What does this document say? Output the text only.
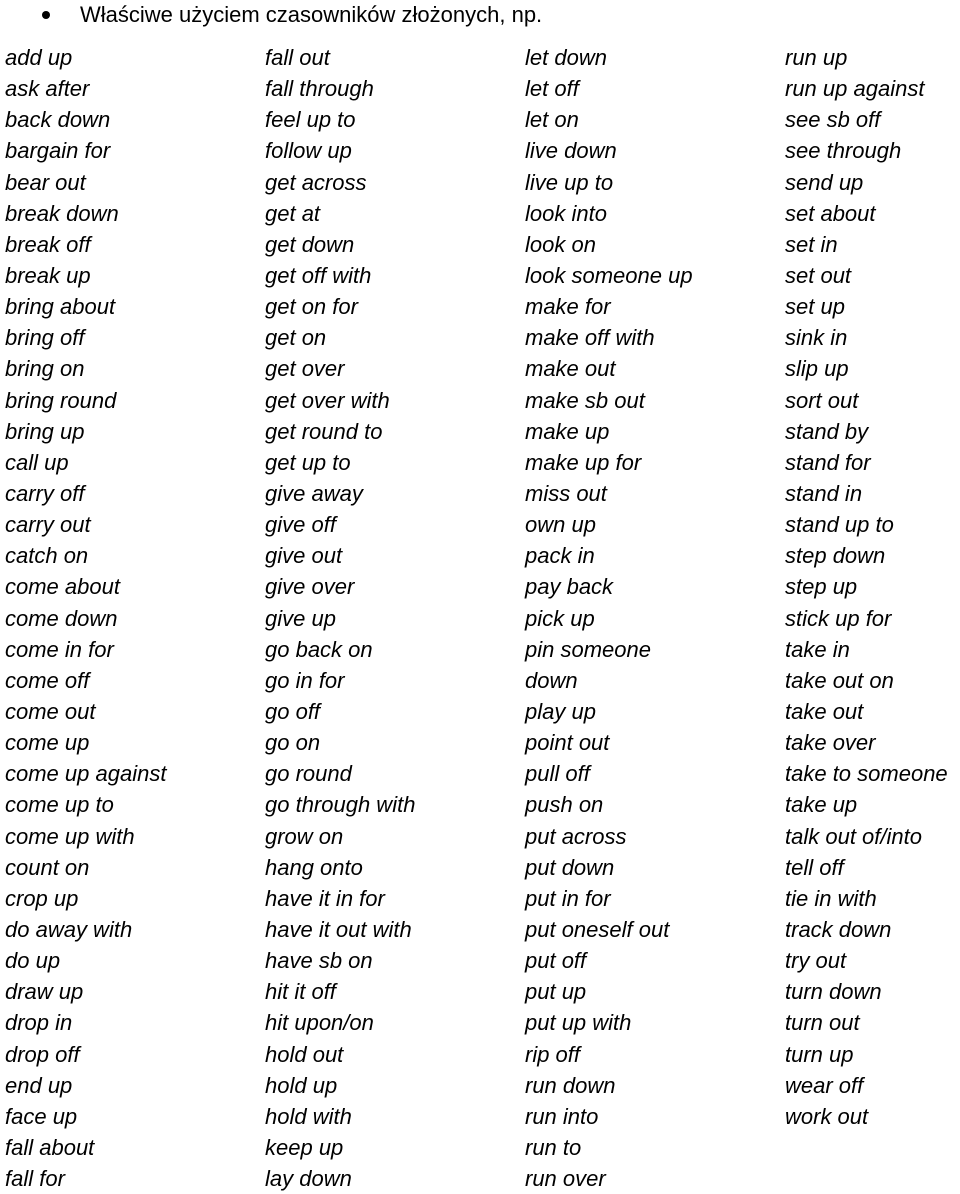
Właściwe użyciem czasowników złożonych, np.
add up
ask after
back down
bargain for
bear out
break down
break off
break up
bring about
bring off
bring on
bring round
bring up
call up
carry off
carry out
catch on
come about
come down
come in for
come off
come out
come up
come up against
come up to
come up with
count on
crop up
do away with
do up
draw up
drop in
drop off
end up
face up
fall about
fall for
fall out
fall through
feel up to
follow up
get across
get at
get down
get off with
get on for
get on
get over
get over with
get round to
get up to
give away
give off
give out
give over
give up
go back on
go in for
go off
go on
go round
go through with
grow on
hang onto
have it in for
have it out with
have sb on
hit it off
hit upon/on
hold out
hold up
hold with
keep up
lay down
let down
let off
let on
live down
live up to
look into
look on
look someone up
make for
make off with
make out
make sb out
make up
make up for
miss out
own up
pack in
pay back
pick up
pin someone
down
play up
point out
pull off
push on
put across
put down
put in for
put oneself out
put off
put up
put up with
rip off
run down
run into
run to
run over
run up
run up against
see sb off
see through
send up
set about
set in
set out
set up
sink in
slip up
sort out
stand by
stand for
stand in
stand up to
step down
step up
stick up for
take in
take out on
take out
take over
take to someone
take up
talk out of/into
tell off
tie in with
track down
try out
turn down
turn out
turn up
wear off
work out
